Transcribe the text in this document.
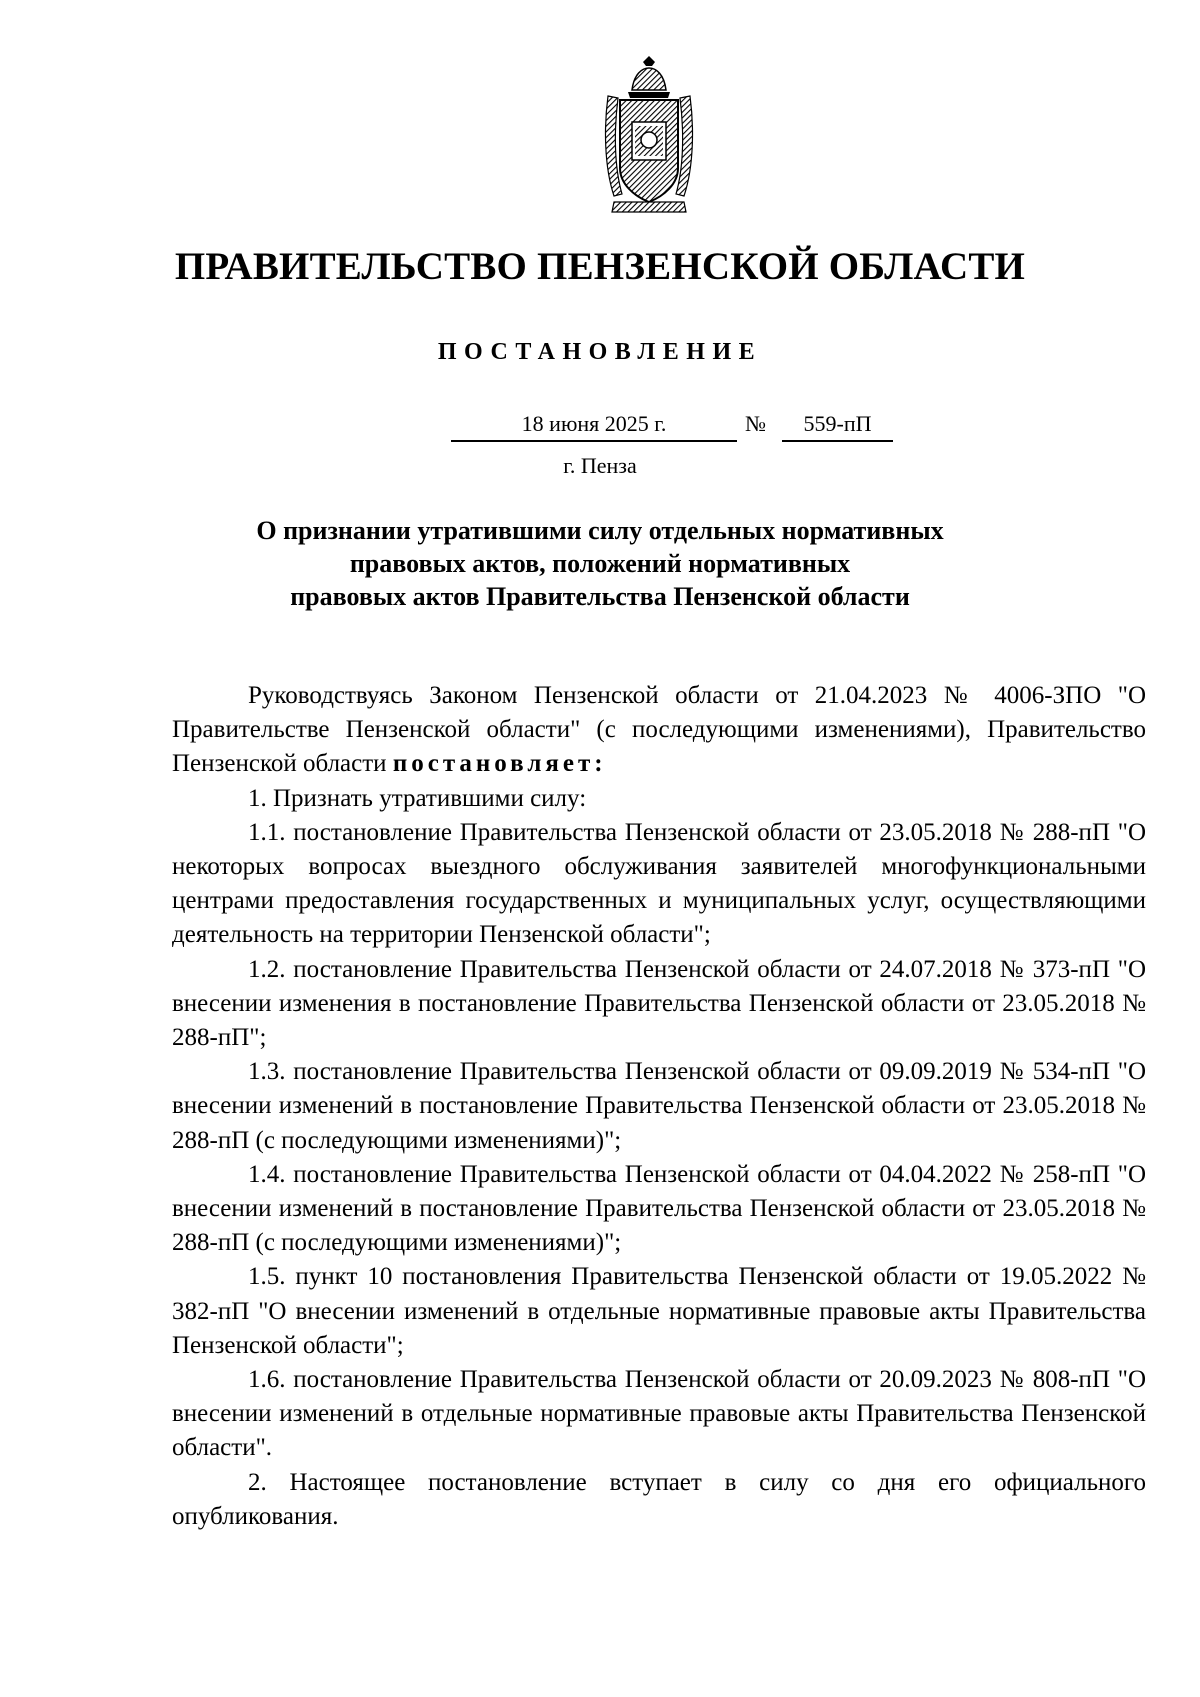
ПРАВИТЕЛЬСТВО ПЕНЗЕНСКОЙ ОБЛАСТИ
ПОСТАНОВЛЕНИЕ
18 июня 2025 г.	№	559-пП
г. Пенза
О признании утратившими силу отдельных нормативных
правовых актов, положений нормативных
правовых актов Правительства Пензенской области

Руководствуясь Законом Пензенской области от 21.04.2023 № 4006-ЗПО "О Правительстве Пензенской области" (с последующими изменениями), Правительство Пензенской области постановляет:

1. Признать утратившими силу:

1.1. постановление Правительства Пензенской области от 23.05.2018 № 288-пП "О некоторых вопросах выездного обслуживания заявителей многофункциональными центрами предоставления государственных и муниципальных услуг, осуществляющими деятельность на территории Пензенской области";

1.2. постановление Правительства Пензенской области от 24.07.2018 № 373-пП "О внесении изменения в постановление Правительства Пензенской области от 23.05.2018 № 288-пП";

1.3. постановление Правительства Пензенской области от 09.09.2019 № 534-пП "О внесении изменений в постановление Правительства Пензенской области от 23.05.2018 № 288-пП (с последующими изменениями)";

1.4. постановление Правительства Пензенской области от 04.04.2022 № 258-пП "О внесении изменений в постановление Правительства Пензенской области от 23.05.2018 № 288-пП (с последующими изменениями)";

1.5. пункт 10 постановления Правительства Пензенской области от 19.05.2022 № 382-пП "О внесении изменений в отдельные нормативные правовые акты Правительства Пензенской области";

1.6. постановление Правительства Пензенской области от 20.09.2023 № 808-пП "О внесении изменений в отдельные нормативные правовые акты Правительства Пензенской области".

2. Настоящее постановление вступает в силу со дня его официального опубликования.
